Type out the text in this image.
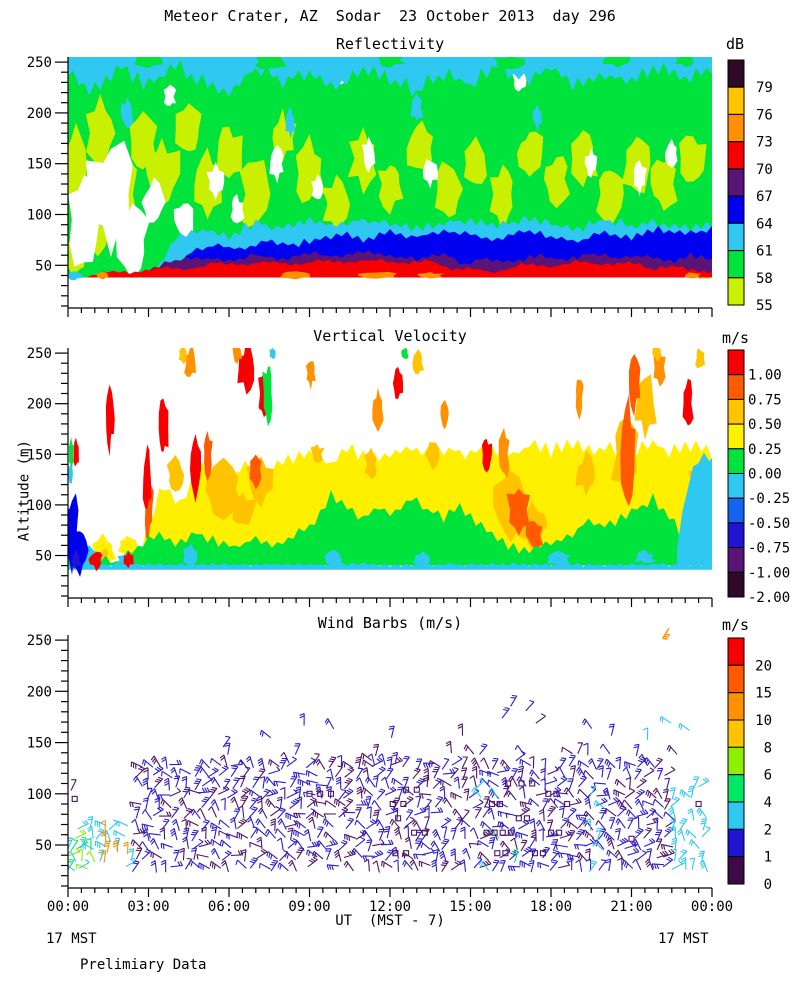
Meteor Crater, AZ  Sodar  23 October 2013  day 296
Reflectivity
Vertical Velocity
Wind Barbs (m/s)
dB
m/s
m/s
Altitude (m)
UT  (MST - 7)
17 MST	17 MST
Prelimiary Data
50
100
150
200
250
50
100
150
200
250
50
100
150
200
250
00:00	03:00	06:00	09:00	12:00	15:00	18:00	21:00	00:00
79
76
73
70
67
64
61
58
55
1.00
0.75
0.50
0.25
0.00
-0.25
-0.50
-0.75
-1.00
-2.00
20
15
10
8
6
4
2
1
0
